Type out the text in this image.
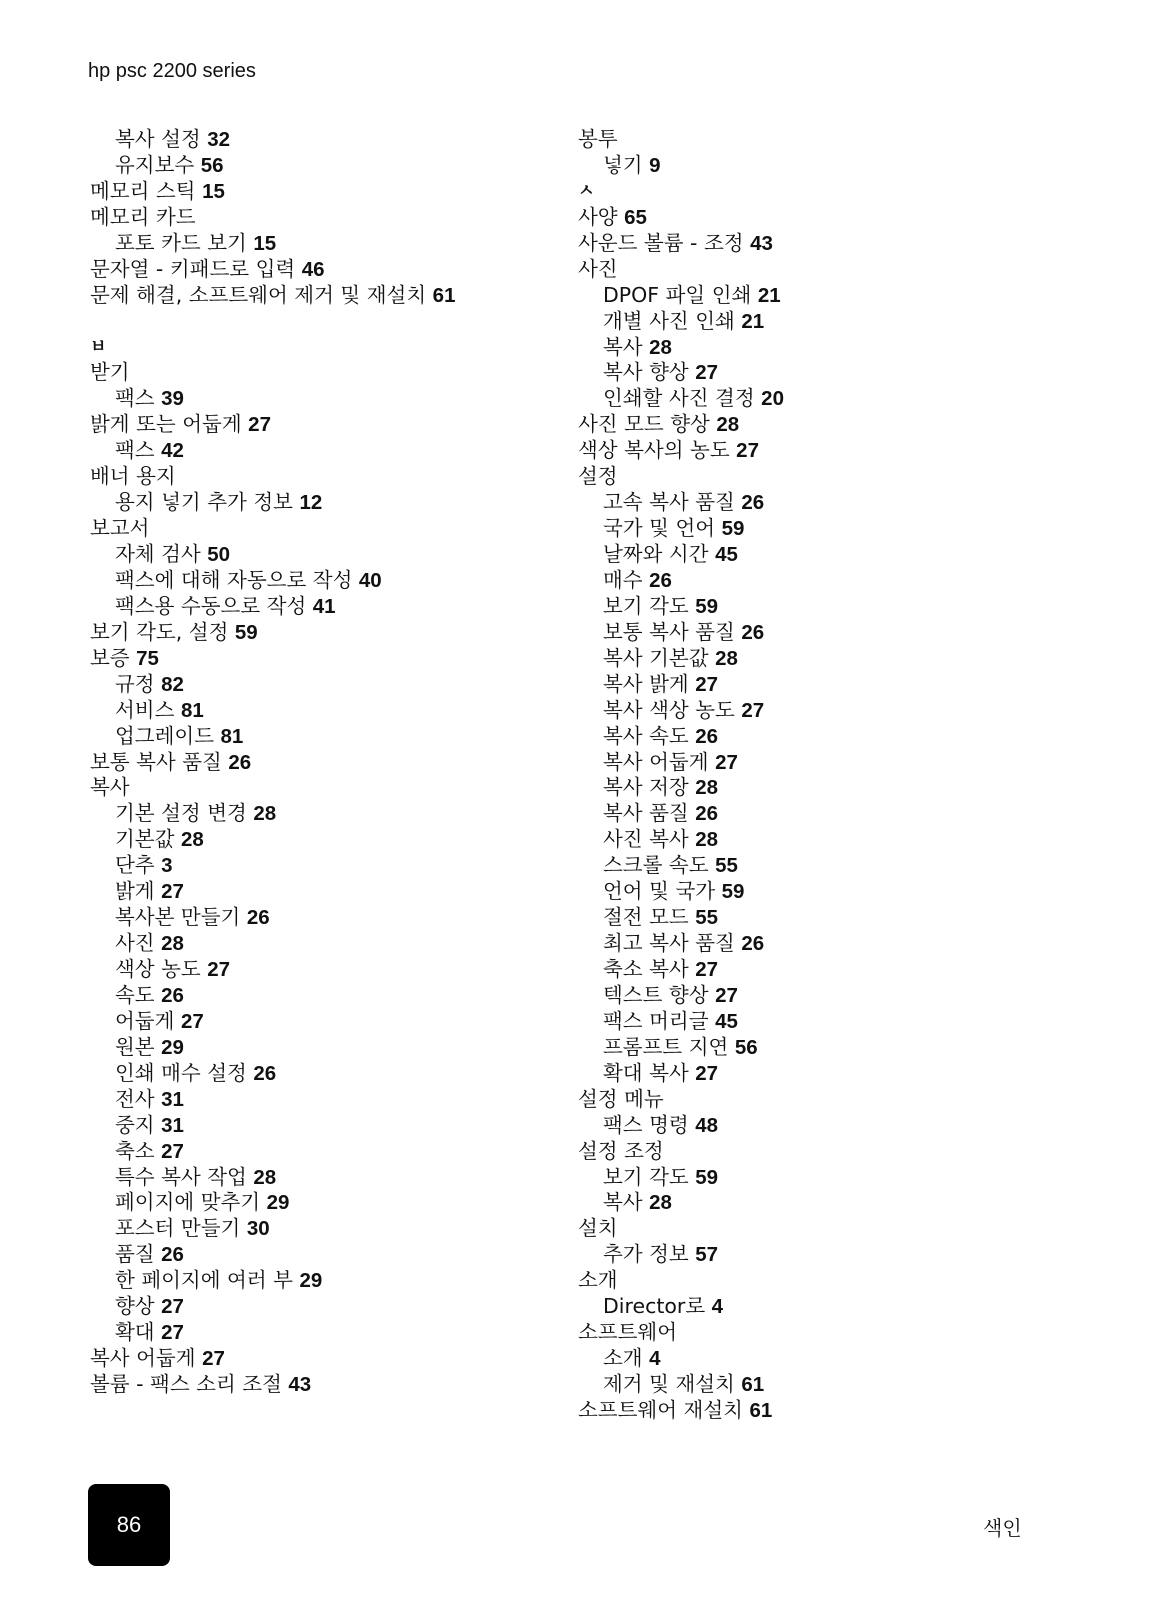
hp psc 2200 series
복사 설정 32
유지보수 56
메모리 스틱 15
메모리 카드
포토 카드 보기 15
문자열 - 키패드로 입력 46
문제 해결, 소프트웨어 제거 및 재설치 61
ㅂ
받기
팩스 39
밝게 또는 어둡게 27
팩스 42
배너 용지
용지 넣기 추가 정보 12
보고서
자체 검사 50
팩스에 대해 자동으로 작성 40
팩스용 수동으로 작성 41
보기 각도, 설정 59
보증 75
규정 82
서비스 81
업그레이드 81
보통 복사 품질 26
복사
기본 설정 변경 28
기본값 28
단추 3
밝게 27
복사본 만들기 26
사진 28
색상 농도 27
속도 26
어둡게 27
원본 29
인쇄 매수 설정 26
전사 31
중지 31
축소 27
특수 복사 작업 28
페이지에 맞추기 29
포스터 만들기 30
품질 26
한 페이지에 여러 부 29
향상 27
확대 27
복사 어둡게 27
볼륨 - 팩스 소리 조절 43
봉투
넣기 9
ㅅ
사양 65
사운드 볼륨 - 조정 43
사진
DPOF 파일 인쇄 21
개별 사진 인쇄 21
복사 28
복사 향상 27
인쇄할 사진 결정 20
사진 모드 향상 28
색상 복사의 농도 27
설정
고속 복사 품질 26
국가 및 언어 59
날짜와 시간 45
매수 26
보기 각도 59
보통 복사 품질 26
복사 기본값 28
복사 밝게 27
복사 색상 농도 27
복사 속도 26
복사 어둡게 27
복사 저장 28
복사 품질 26
사진 복사 28
스크롤 속도 55
언어 및 국가 59
절전 모드 55
최고 복사 품질 26
축소 복사 27
텍스트 향상 27
팩스 머리글 45
프롬프트 지연 56
확대 복사 27
설정 메뉴
팩스 명령 48
설정 조정
보기 각도 59
복사 28
설치
추가 정보 57
소개
Director로 4
소프트웨어
소개 4
제거 및 재설치 61
소프트웨어 재설치 61
86	색인
